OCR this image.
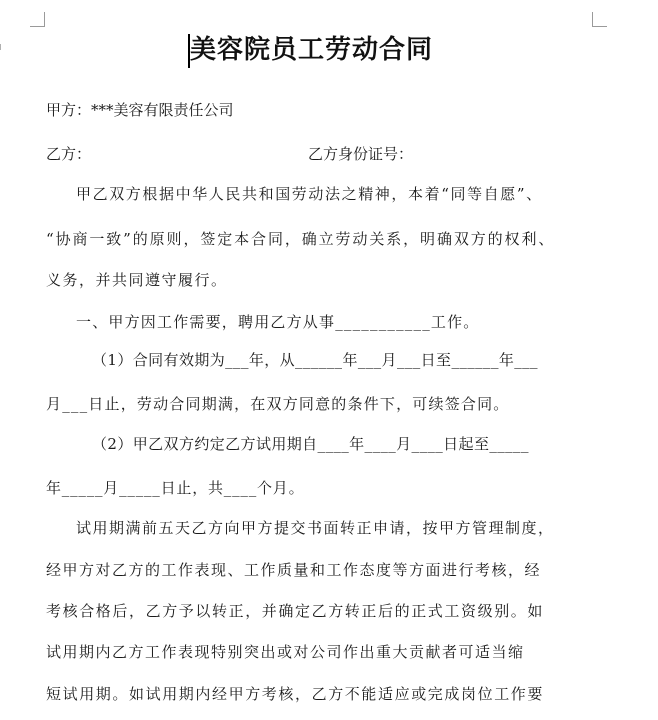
美容院员工劳动合同
甲方：***美容有限责任公司
乙方：	乙方身份证号：
甲乙双方根据中华人民共和国劳动法之精神，本着“同等自愿”、
“协商一致”的原则，签定本合同，确立劳动关系，明确双方的权利、
义务，并共同遵守履行。
一、甲方因工作需要，聘用乙方从事___________工作。
（1）合同有效期为___年，从______年___月___日至______年___
月___日止，劳动合同期满，在双方同意的条件下，可续签合同。
（2）甲乙双方约定乙方试用期自____年____月____日起至_____
年_____月_____日止，共____个月。
试用期满前五天乙方向甲方提交书面转正申请，按甲方管理制度，
经甲方对乙方的工作表现、工作质量和工作态度等方面进行考核，经
考核合格后，乙方予以转正，并确定乙方转正后的正式工资级别。如
试用期内乙方工作表现特别突出或对公司作出重大贡献者可适当缩
短试用期。如试用期内经甲方考核，乙方不能适应或完成岗位工作要
